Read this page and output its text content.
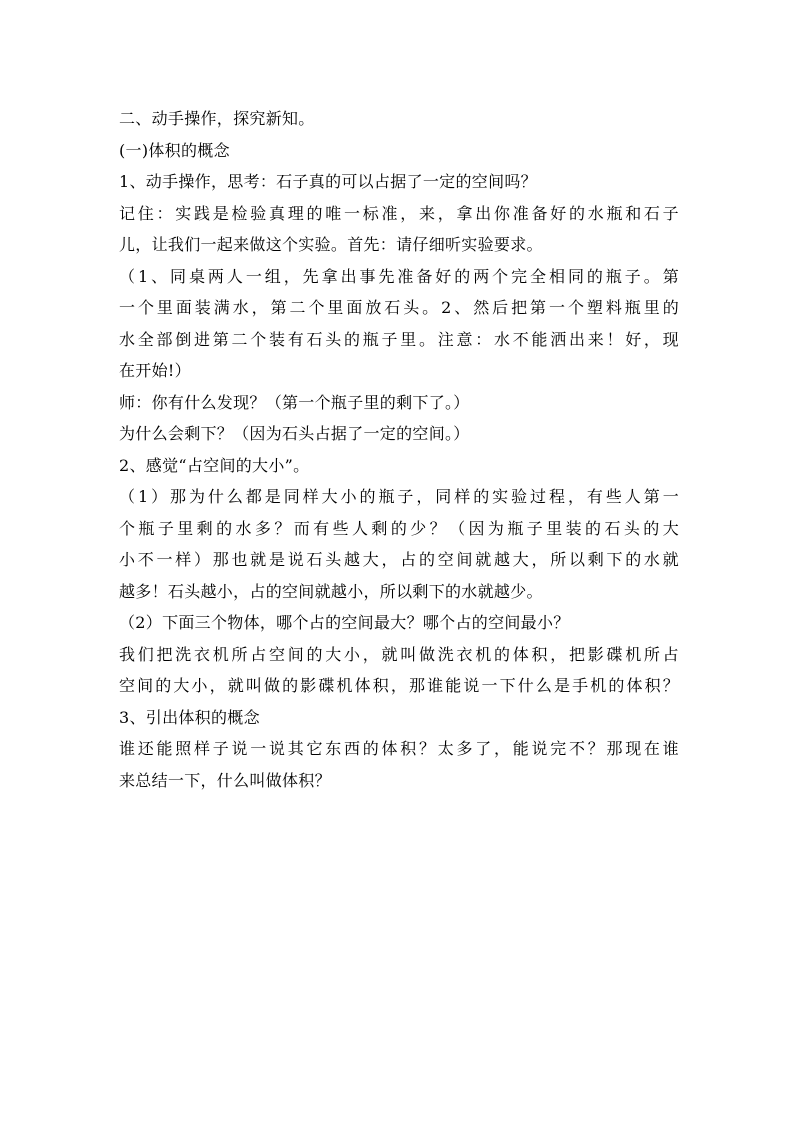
二、动手操作，探究新知。

(一)体积的概念

1、动手操作，思考：石子真的可以占据了一定的空间吗？

记住：实践是检验真理的唯一标准，来，拿出你准备好的水瓶和石子

儿，让我们一起来做这个实验。首先：请仔细听实验要求。

（1、同桌两人一组，先拿出事先准备好的两个完全相同的瓶子。第

一个里面装满水，第二个里面放石头。2、然后把第一个塑料瓶里的

水全部倒进第二个装有石头的瓶子里。注意：水不能洒出来！好，现

在开始!）

师：你有什么发现？（第一个瓶子里的剩下了。）

为什么会剩下？（因为石头占据了一定的空间。）

2、感觉“占空间的大小”。

（1）那为什么都是同样大小的瓶子，同样的实验过程，有些人第一

个瓶子里剩的水多？而有些人剩的少？（因为瓶子里装的石头的大

小不一样）那也就是说石头越大，占的空间就越大，所以剩下的水就

越多！石头越小，占的空间就越小，所以剩下的水就越少。

（2）下面三个物体，哪个占的空间最大？哪个占的空间最小？

我们把洗衣机所占空间的大小，就叫做洗衣机的体积，把影碟机所占

空间的大小，就叫做的影碟机体积，那谁能说一下什么是手机的体积？

3、引出体积的概念

谁还能照样子说一说其它东西的体积？太多了，能说完不？那现在谁

来总结一下，什么叫做体积？
